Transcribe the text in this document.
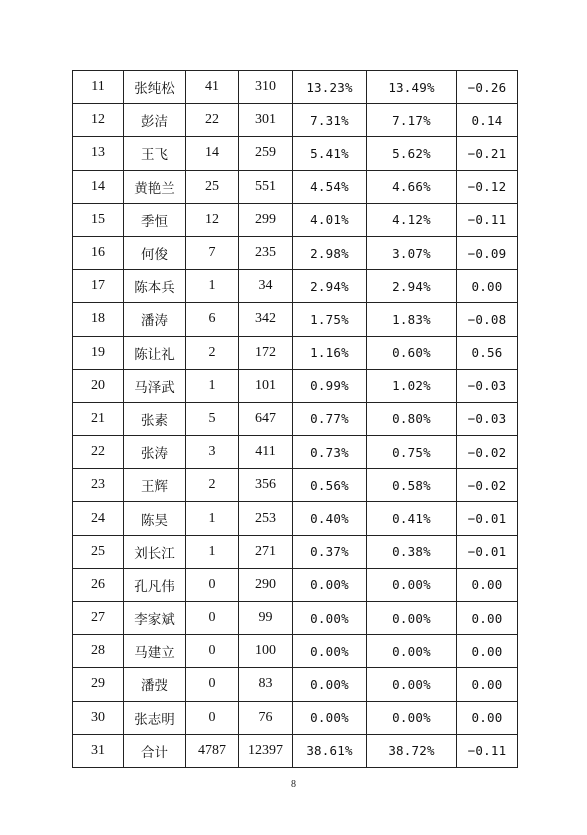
11	张纯松	41	310	13.23%	13.49%	−0.26
12	彭洁	22	301	7.31%	7.17%	0.14
13	王飞	14	259	5.41%	5.62%	−0.21
14	黄艳兰	25	551	4.54%	4.66%	−0.12
15	季恒	12	299	4.01%	4.12%	−0.11
16	何俊	7	235	2.98%	3.07%	−0.09
17	陈本兵	1	34	2.94%	2.94%	0.00
18	潘涛	6	342	1.75%	1.83%	−0.08
19	陈让礼	2	172	1.16%	0.60%	0.56
20	马泽武	1	101	0.99%	1.02%	−0.03
21	张素	5	647	0.77%	0.80%	−0.03
22	张涛	3	411	0.73%	0.75%	−0.02
23	王辉	2	356	0.56%	0.58%	−0.02
24	陈昊	1	253	0.40%	0.41%	−0.01
25	刘长江	1	271	0.37%	0.38%	−0.01
26	孔凡伟	0	290	0.00%	0.00%	0.00
27	李家斌	0	99	0.00%	0.00%	0.00
28	马建立	0	100	0.00%	0.00%	0.00
29	潘弢	0	83	0.00%	0.00%	0.00
30	张志明	0	76	0.00%	0.00%	0.00
31	合计	4787	12397	38.61%	38.72%	−0.11
8
